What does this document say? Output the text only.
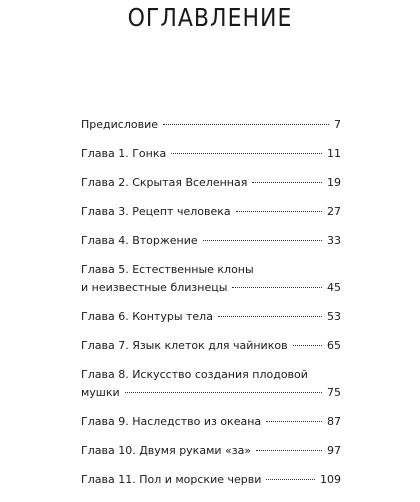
ОГЛАВЛЕНИЕ
Предисловие	7
Глава 1. Гонка	11
Глава 2. Скрытая Вселенная	19
Глава 3. Рецепт человека	27
Глава 4. Вторжение	33
Глава 5. Естественные клоны
и неизвестные близнецы	45
Глава 6. Контуры тела	53
Глава 7. Язык клеток для чайников	65
Глава 8. Искусство создания плодовой
мушки	75
Глава 9. Наследство из океана	87
Глава 10. Двумя руками «за»	97
Глава 11. Пол и морские черви	109
